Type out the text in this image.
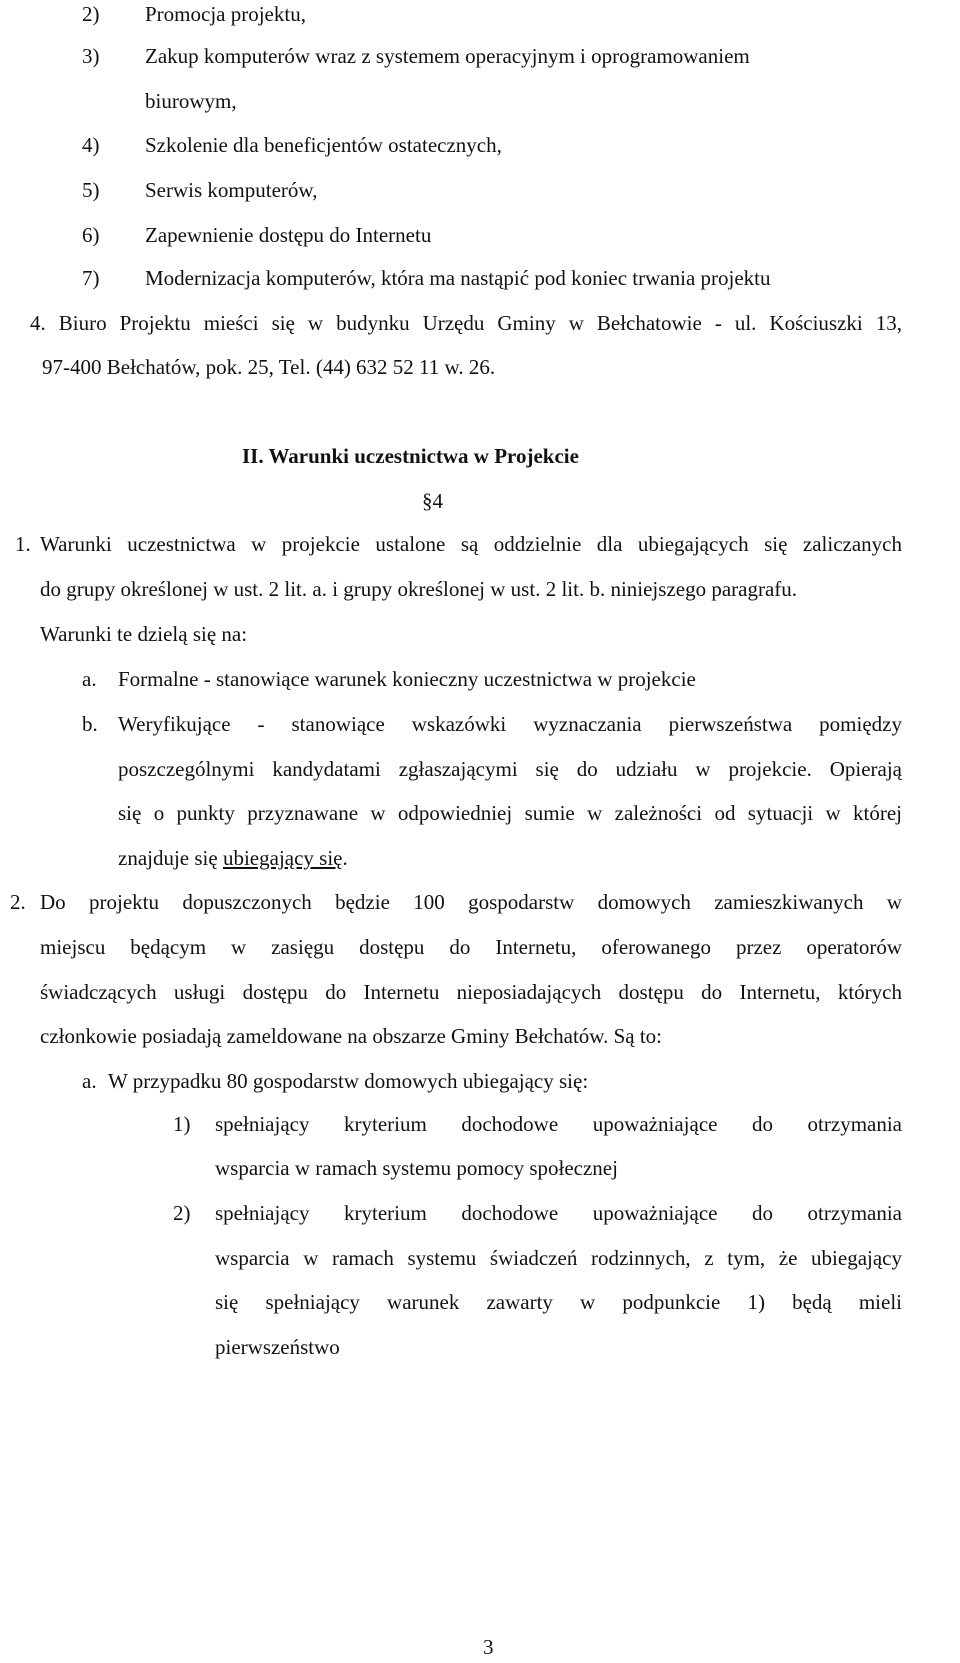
2) Promocja projektu,
3) Zakup komputerów wraz z systemem operacyjnym i oprogramowaniem
biurowym,
4) Szkolenie dla beneficjentów ostatecznych,
5) Serwis komputerów,
6) Zapewnienie dostępu do Internetu
7) Modernizacja komputerów, która ma nastąpić pod koniec trwania projektu
4. Biuro Projektu mieści się w budynku Urzędu Gminy w Bełchatowie - ul. Kościuszki 13,
97-400 Bełchatów, pok. 25, Tel. (44) 632 52 11 w. 26.
II. Warunki uczestnictwa w Projekcie
§4
1. Warunki uczestnictwa w projekcie ustalone są oddzielnie dla ubiegających się zaliczanych
do grupy określonej w ust. 2 lit. a. i grupy określonej w ust. 2 lit. b. niniejszego paragrafu.
Warunki te dzielą się na:
a. Formalne - stanowiące warunek konieczny uczestnictwa w projekcie
b. Weryfikujące - stanowiące wskazówki wyznaczania pierwszeństwa pomiędzy
poszczególnymi kandydatami zgłaszającymi się do udziału w projekcie. Opierają
się o punkty przyznawane w odpowiedniej sumie w zależności od sytuacji w której
znajduje się ubiegający się.
2. Do projektu dopuszczonych będzie 100 gospodarstw domowych zamieszkiwanych w
miejscu będącym w zasięgu dostępu do Internetu, oferowanego przez operatorów
świadczących usługi dostępu do Internetu nieposiadających dostępu do Internetu, których
członkowie posiadają zameldowane na obszarze Gminy Bełchatów. Są to:
a. W przypadku 80 gospodarstw domowych ubiegający się:
1) spełniający kryterium dochodowe upoważniające do otrzymania
wsparcia w ramach systemu pomocy społecznej
2) spełniający kryterium dochodowe upoważniające do otrzymania
wsparcia w ramach systemu świadczeń rodzinnych, z tym, że ubiegający
się spełniający warunek zawarty w podpunkcie 1) będą mieli
pierwszeństwo
3
